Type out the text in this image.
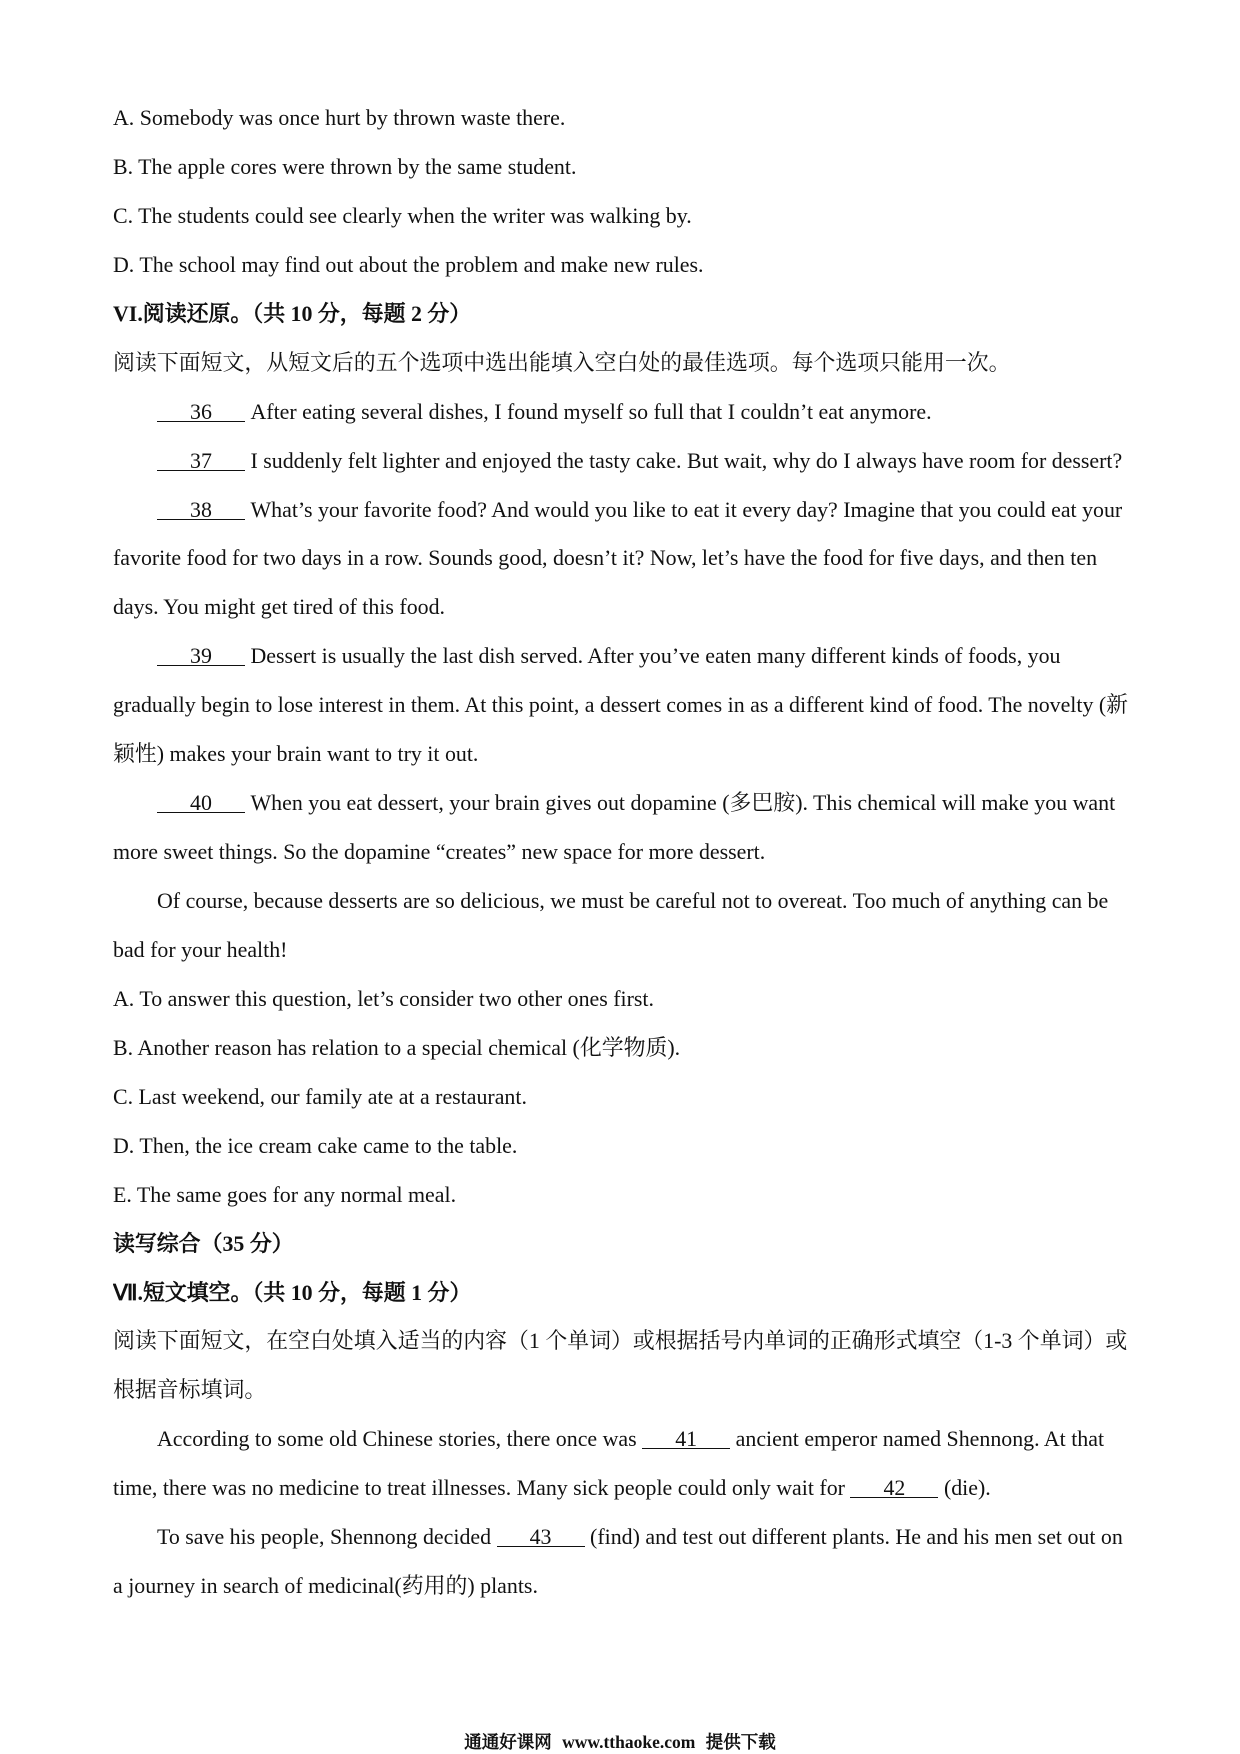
A. Somebody was once hurt by thrown waste there.
B. The apple cores were thrown by the same student.
C. The students could see clearly when the writer was walking by.
D. The school may find out about the problem and make new rules.
VI.阅读还原。（共 10 分，每题 2 分）
阅读下面短文，从短文后的五个选项中选出能填入空白处的最佳选项。每个选项只能用一次。
36 After eating several dishes, I found myself so full that I couldn’t eat anymore.
37 I suddenly felt lighter and enjoyed the tasty cake. But wait, why do I always have room for dessert?
38 What’s your favorite food? And would you like to eat it every day? Imagine that you could eat your
favorite food for two days in a row. Sounds good, doesn’t it? Now, let’s have the food for five days, and then ten
days. You might get tired of this food.
39 Dessert is usually the last dish served. After you’ve eaten many different kinds of foods, you
gradually begin to lose interest in them. At this point, a dessert comes in as a different kind of food. The novelty (新
颖性) makes your brain want to try it out.
40 When you eat dessert, your brain gives out dopamine (多巴胺). This chemical will make you want
more sweet things. So the dopamine “creates” new space for more dessert.
Of course, because desserts are so delicious, we must be careful not to overeat. Too much of anything can be
bad for your health!
A. To answer this question, let’s consider two other ones first.
B. Another reason has relation to a special chemical (化学物质).
C. Last weekend, our family ate at a restaurant.
D. Then, the ice cream cake came to the table.
E. The same goes for any normal meal.
读写综合（35 分）
Ⅶ.短文填空。（共 10 分，每题 1 分）
阅读下面短文，在空白处填入适当的内容（1 个单词）或根据括号内单词的正确形式填空（1-3 个单词）或
根据音标填词。
According to some old Chinese stories, there once was 41 ancient emperor named Shennong. At that
time, there was no medicine to treat illnesses. Many sick people could only wait for 42 (die).
To save his people, Shennong decided 43 (find) and test out different plants. He and his men set out on
a journey in search of medicinal(药用的) plants.
通通好课网 www.tthaoke.com 提供下载
